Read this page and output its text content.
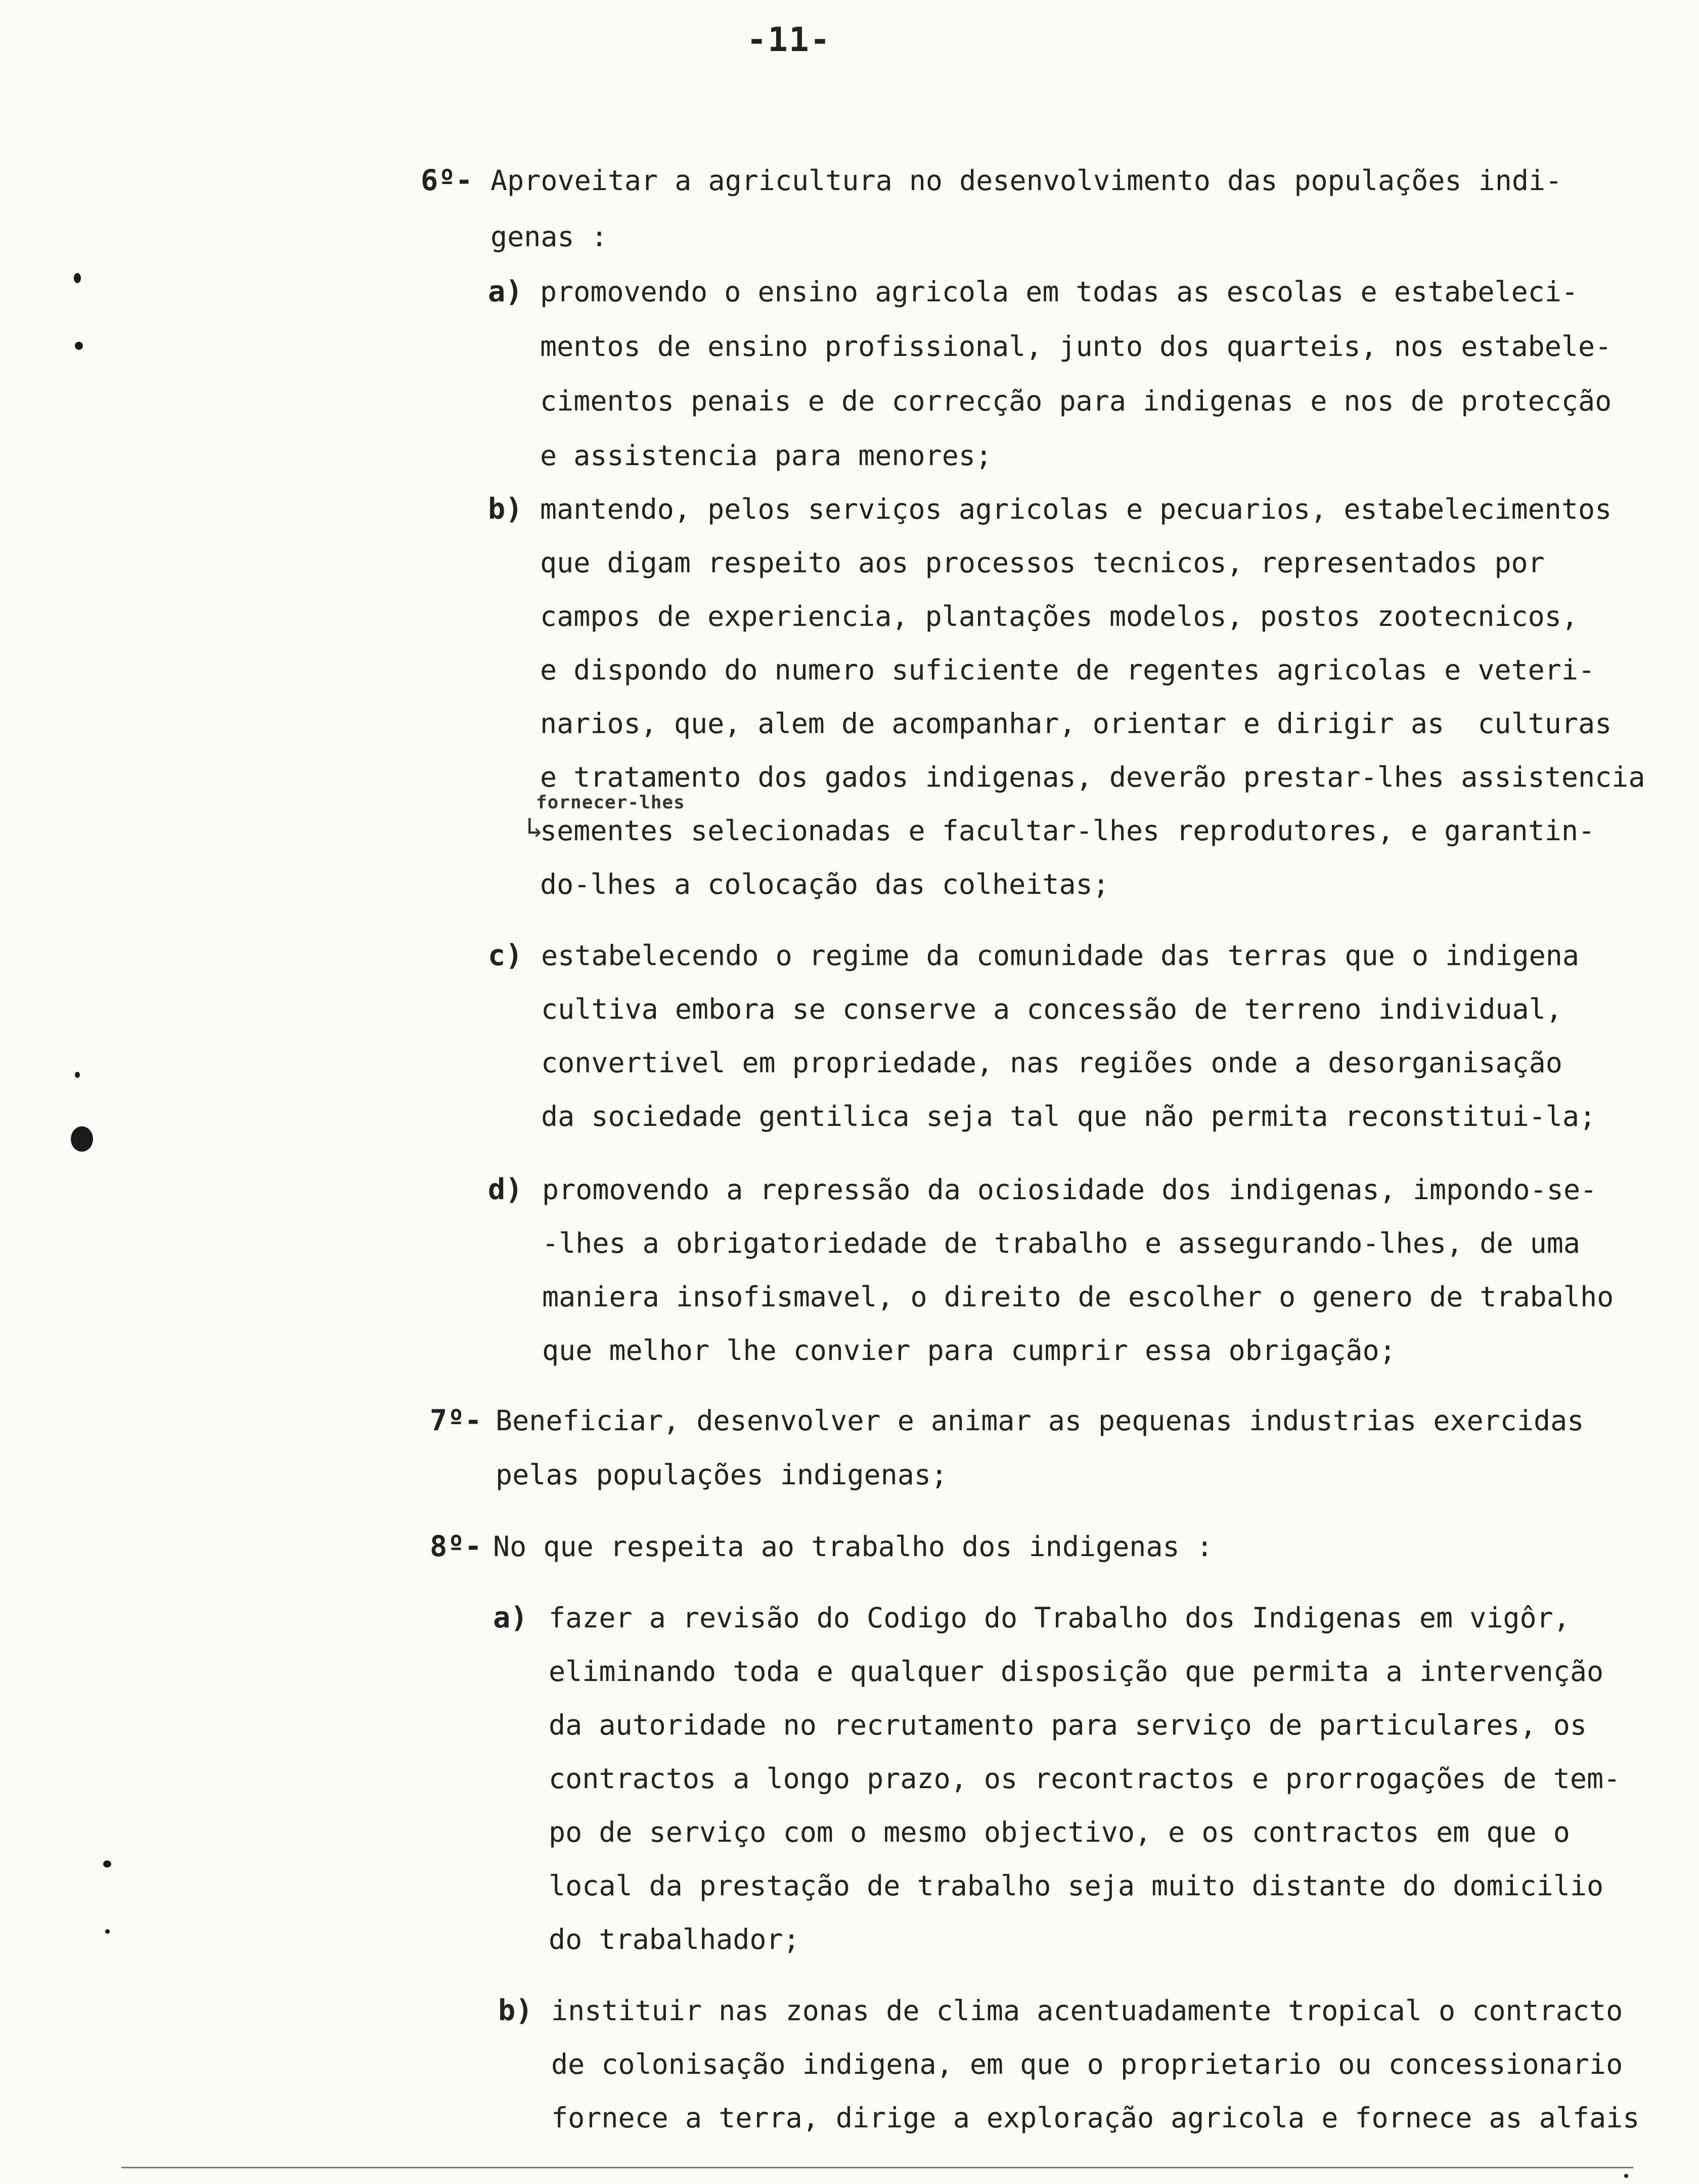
-11-
6º- Aproveitar a agricultura no desenvolvimento das populações indi-
genas :
a) promovendo o ensino agricola em todas as escolas e estabeleci-
mentos de ensino profissional, junto dos quarteis, nos estabele-
cimentos penais e de correcção para indigenas e nos de protecção
e assistencia para menores;
b) mantendo, pelos serviços agricolas e pecuarios, estabelecimentos
que digam respeito aos processos tecnicos, representados por
campos de experiencia, plantações modelos, postos zootecnicos,
e dispondo do numero suficiente de regentes agricolas e veteri-
narios, que, alem de acompanhar, orientar e dirigir as  culturas
e tratamento dos gados indigenas, deverão prestar-lhes assistencia
fornecer-lhes
↳
sementes selecionadas e facultar-lhes reprodutores, e garantin-
do-lhes a colocação das colheitas;
c) estabelecendo o regime da comunidade das terras que o indigena
cultiva embora se conserve a concessão de terreno individual,
convertivel em propriedade, nas regiões onde a desorganisação
da sociedade gentilica seja tal que não permita reconstitui-la;
d) promovendo a repressão da ociosidade dos indigenas, impondo-se-
-lhes a obrigatoriedade de trabalho e assegurando-lhes, de uma
maniera insofismavel, o direito de escolher o genero de trabalho
que melhor lhe convier para cumprir essa obrigação;
7º- Beneficiar, desenvolver e animar as pequenas industrias exercidas
pelas populações indigenas;
8º- No que respeita ao trabalho dos indigenas :
a) fazer a revisão do Codigo do Trabalho dos Indigenas em vigôr,
eliminando toda e qualquer disposição que permita a intervenção
da autoridade no recrutamento para serviço de particulares, os
contractos a longo prazo, os recontractos e prorrogações de tem-
po de serviço com o mesmo objectivo, e os contractos em que o
local da prestação de trabalho seja muito distante do domicilio
do trabalhador;
b) instituir nas zonas de clima acentuadamente tropical o contracto
de colonisação indigena, em que o proprietario ou concessionario
fornece a terra, dirige a exploração agricola e fornece as alfais
